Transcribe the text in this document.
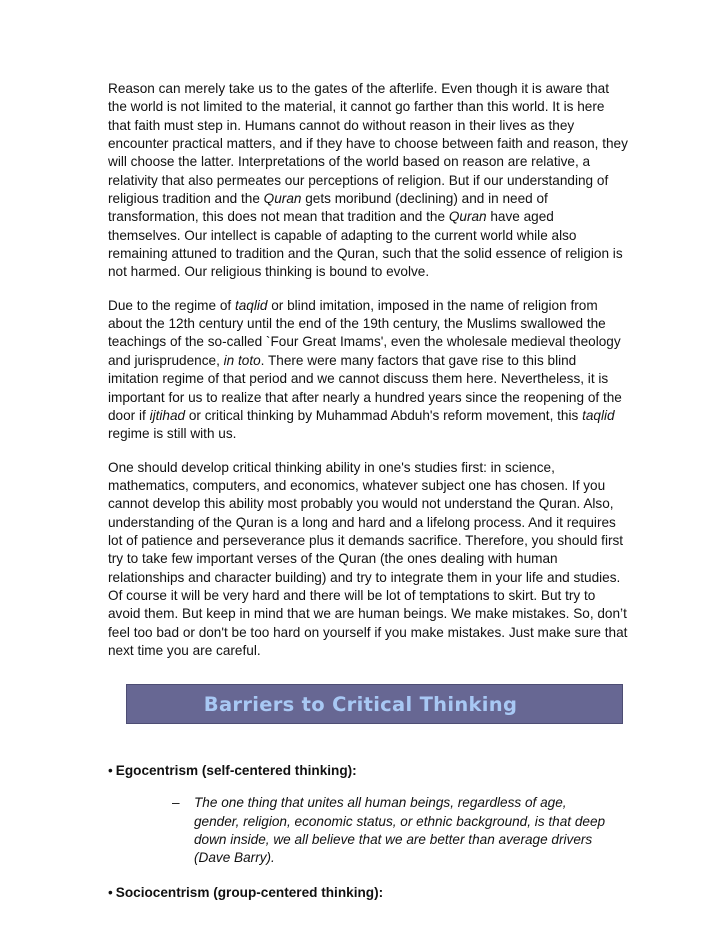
Reason can merely take us to the gates of the afterlife. Even though it is aware that the world is not limited to the material, it cannot go farther than this world. It is here that faith must step in. Humans cannot do without reason in their lives as they encounter practical matters, and if they have to choose between faith and reason, they will choose the latter. Interpretations of the world based on reason are relative, a relativity that also permeates our perceptions of religion. But if our understanding of religious tradition and the Quran gets moribund (declining) and in need of transformation, this does not mean that tradition and the Quran have aged themselves. Our intellect is capable of adapting to the current world while also remaining attuned to tradition and the Quran, such that the solid essence of religion is not harmed. Our religious thinking is bound to evolve.

Due to the regime of taqlid or blind imitation, imposed in the name of religion from about the 12th century until the end of the 19th century, the Muslims swallowed the teachings of the so-called `Four Great Imams', even the wholesale medieval theology and jurisprudence, in toto. There were many factors that gave rise to this blind imitation regime of that period and we cannot discuss them here. Nevertheless, it is important for us to realize that after nearly a hundred years since the reopening of the door if ijtihad or critical thinking by Muhammad Abduh's reform movement, this taqlid regime is still with us.

One should develop critical thinking ability in one's studies first: in science, mathematics, computers, and economics, whatever subject one has chosen. If you cannot develop this ability most probably you would not understand the Quran. Also, understanding of the Quran is a long and hard and a lifelong process. And it requires lot of patience and perseverance plus it demands sacrifice. Therefore, you should first try to take few important verses of the Quran (the ones dealing with human relationships and character building) and try to integrate them in your life and studies. Of course it will be very hard and there will be lot of temptations to skirt. But try to avoid them. But keep in mind that we are human beings. We make mistakes. So, don’t feel too bad or don't be too hard on yourself if you make mistakes. Just make sure that next time you are careful.

Barriers to Critical Thinking
• Egocentrism (self-centered thinking):
– The one thing that unites all human beings, regardless of age, gender, religion, economic status, or ethnic background, is that deep down inside, we all believe that we are better than average drivers (Dave Barry).
• Sociocentrism (group-centered thinking):
